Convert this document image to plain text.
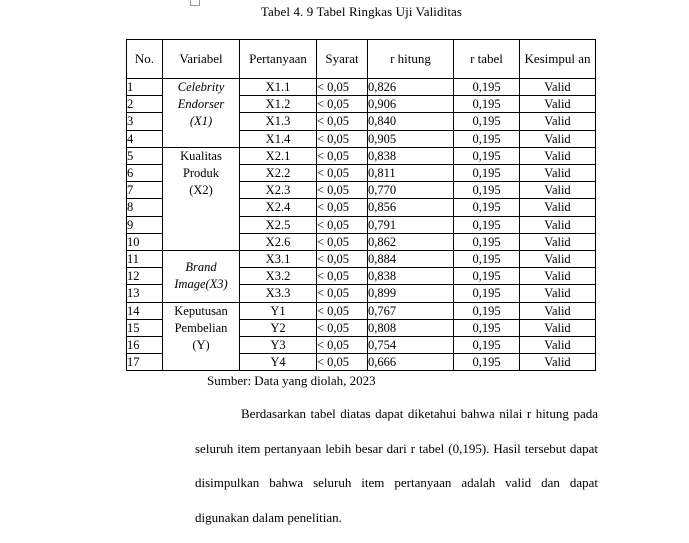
Tabel 4. 9 Tabel Ringkas Uji Validitas
No.	Variabel	Pertanyaan	Syarat	r hitung	r tabel	Kesimpul an
1	Celebrity
Endorser
(X1)	X1.1	< 0,05	0,826	0,195	Valid
2		X1.2	< 0,05	0,906	0,195	Valid
3		X1.3	< 0,05	0,840	0,195	Valid
4		X1.4	< 0,05	0,905	0,195	Valid
5	Kualitas
Produk
(X2)	X2.1	< 0,05	0,838	0,195	Valid
6		X2.2	< 0,05	0,811	0,195	Valid
7		X2.3	< 0,05	0,770	0,195	Valid
8		X2.4	< 0,05	0,856	0,195	Valid
9		X2.5	< 0,05	0,791	0,195	Valid
10		X2.6	< 0,05	0,862	0,195	Valid
11	Brand
Image(X3)	X3.1	< 0,05	0,884	0,195	Valid
12		X3.2	< 0,05	0,838	0,195	Valid
13		X3.3	< 0,05	0,899	0,195	Valid
14	Keputusan
Pembelian
(Y)	Y1	< 0,05	0,767	0,195	Valid
15		Y2	< 0,05	0,808	0,195	Valid
16		Y3	< 0,05	0,754	0,195	Valid
17		Y4	< 0,05	0,666	0,195	Valid
Sumber: Data yang diolah, 2023
Berdasarkan tabel diatas dapat diketahui bahwa nilai r hitung pada seluruh item pertanyaan lebih besar dari r tabel (0,195). Hasil tersebut dapat disimpulkan bahwa seluruh item pertanyaan adalah valid dan dapat digunakan dalam penelitian.
